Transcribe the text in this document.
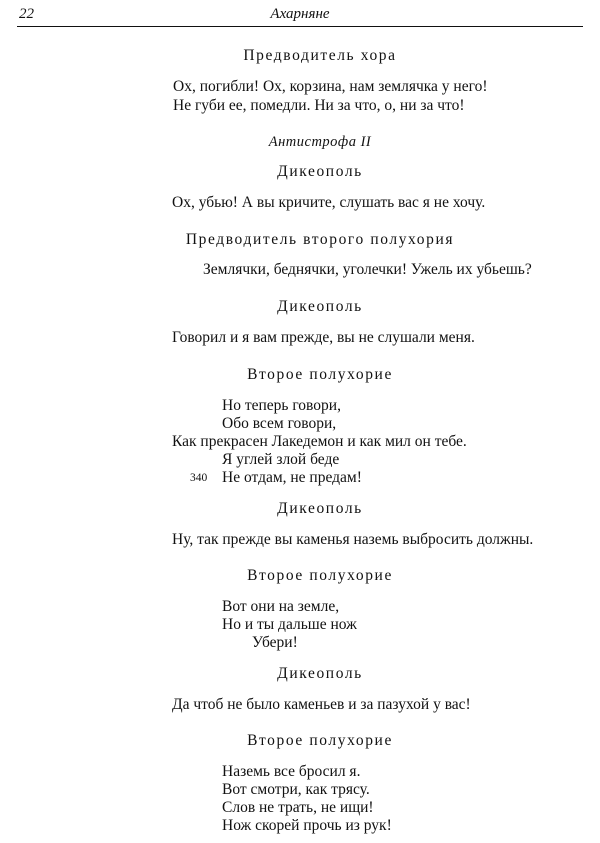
22	Ахарняне
Предводитель хора
Ох, погибли! Ох, корзина, нам землячка у него!
Не губи ее, помедли. Ни за что, о, ни за что!
Антистрофа II
Дикеополь
Ох, убью! А вы кричите, слушать вас я не хочу.
Предводитель второго полухория
Землячки, беднячки, уголечки! Ужель их убьешь?
Дикеополь
Говорил и я вам прежде, вы не слушали меня.
Второе полухорие
Но теперь говори,
Обо всем говори,
Как прекрасен Лакедемон и как мил он тебе.
Я углей злой беде
340 Не отдам, не предам!
Дикеополь
Ну, так прежде вы каменья наземь выбросить должны.
Второе полухорие
Вот они на земле,
Но и ты дальше нож
Убери!
Дикеополь
Да чтоб не было каменьев и за пазухой у вас!
Второе полухорие
Наземь все бросил я.
Вот смотри, как трясу.
Слов не трать, не ищи!
Нож скорей прочь из рук!
